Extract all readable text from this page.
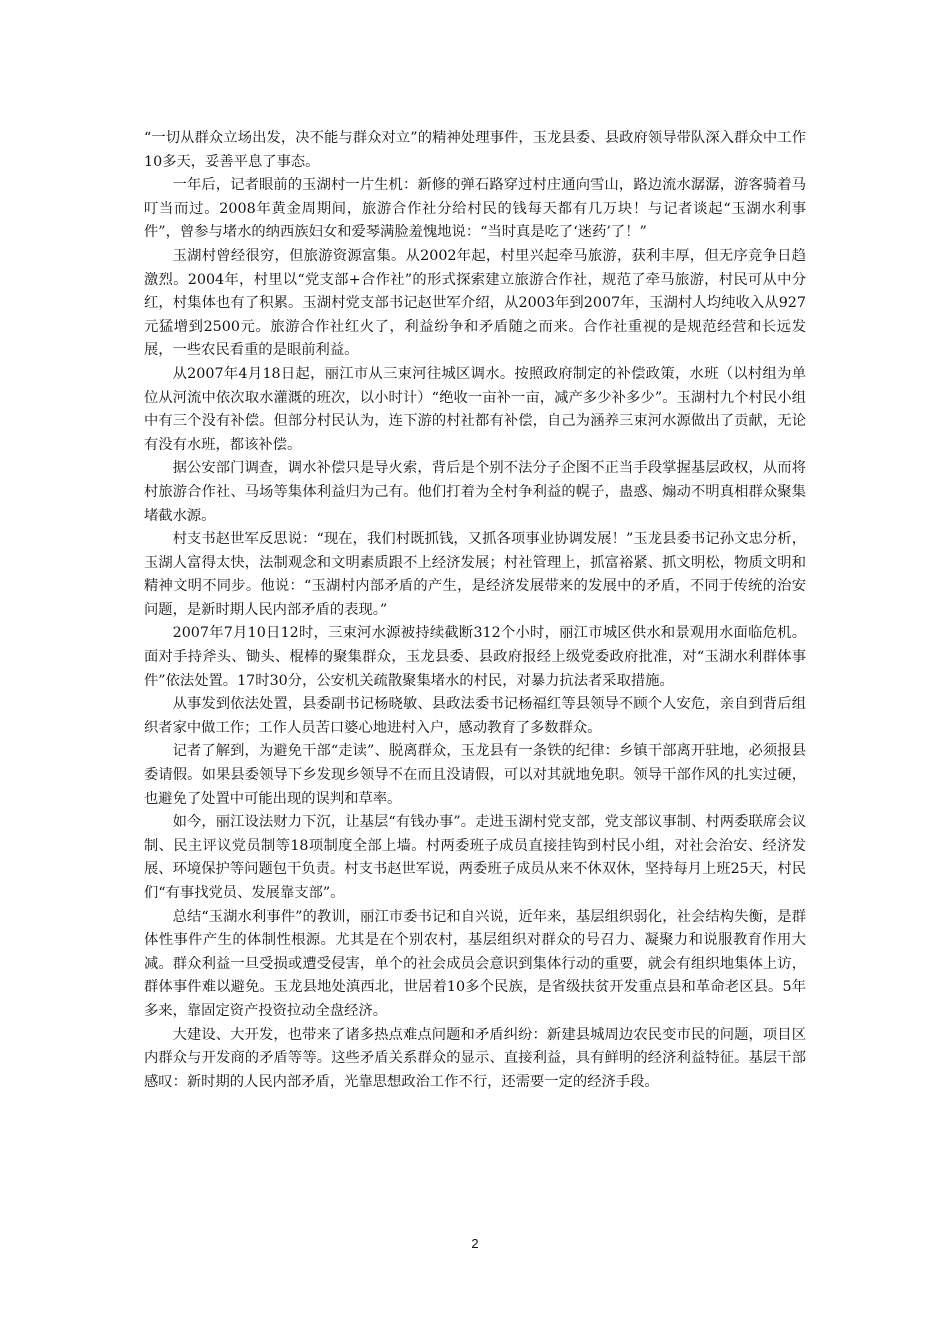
“一切从群众立场出发，决不能与群众对立”的精神处理事件，玉龙县委、县政府领导带队深入群众中工作10多天，妥善平息了事态。

一年后，记者眼前的玉湖村一片生机：新修的弹石路穿过村庄通向雪山，路边流水潺潺，游客骑着马叮当而过。2008年黄金周期间，旅游合作社分给村民的钱每天都有几万块！与记者谈起“玉湖水利事件”，曾参与堵水的纳西族妇女和爱琴满脸羞愧地说：“当时真是吃了‘迷药’了！”

玉湖村曾经很穷，但旅游资源富集。从2002年起，村里兴起牵马旅游，获利丰厚，但无序竞争日趋激烈。2004年，村里以“党支部+合作社”的形式探索建立旅游合作社，规范了牵马旅游，村民可从中分红，村集体也有了积累。玉湖村党支部书记赵世军介绍，从2003年到2007年，玉湖村人均纯收入从927元猛增到2500元。旅游合作社红火了，利益纷争和矛盾随之而来。合作社重视的是规范经营和长远发展，一些农民看重的是眼前利益。

从2007年4月18日起，丽江市从三束河往城区调水。按照政府制定的补偿政策，水班（以村组为单位从河流中依次取水灌溉的班次，以小时计）“绝收一亩补一亩，减产多少补多少”。玉湖村九个村民小组中有三个没有补偿。但部分村民认为，连下游的村社都有补偿，自己为涵养三束河水源做出了贡献，无论有没有水班，都该补偿。

据公安部门调查，调水补偿只是导火索，背后是个别不法分子企图不正当手段掌握基层政权，从而将村旅游合作社、马场等集体利益归为己有。他们打着为全村争利益的幌子，蛊惑、煽动不明真相群众聚集堵截水源。

村支书赵世军反思说：“现在，我们村既抓钱，又抓各项事业协调发展！”玉龙县委书记孙文忠分析，玉湖人富得太快，法制观念和文明素质跟不上经济发展；村社管理上，抓富裕紧、抓文明松，物质文明和精神文明不同步。他说：“玉湖村内部矛盾的产生，是经济发展带来的发展中的矛盾，不同于传统的治安问题，是新时期人民内部矛盾的表现。”

2007年7月10日12时，三束河水源被持续截断312个小时，丽江市城区供水和景观用水面临危机。面对手持斧头、锄头、棍棒的聚集群众，玉龙县委、县政府报经上级党委政府批准，对“玉湖水利群体事件”依法处置。17时30分，公安机关疏散聚集堵水的村民，对暴力抗法者采取措施。

从事发到依法处置，县委副书记杨晓敏、县政法委书记杨福红等县领导不顾个人安危，亲自到背后组织者家中做工作；工作人员苦口婆心地进村入户，感动教育了多数群众。

记者了解到，为避免干部“走读”、脱离群众，玉龙县有一条铁的纪律：乡镇干部离开驻地，必须报县委请假。如果县委领导下乡发现乡领导不在而且没请假，可以对其就地免职。领导干部作风的扎实过硬，也避免了处置中可能出现的误判和草率。

如今，丽江设法财力下沉，让基层“有钱办事”。走进玉湖村党支部，党支部议事制、村两委联席会议制、民主评议党员制等18项制度全部上墙。村两委班子成员直接挂钩到村民小组，对社会治安、经济发展、环境保护等问题包干负责。村支书赵世军说，两委班子成员从来不休双休，坚持每月上班25天，村民们“有事找党员、发展靠支部”。

总结“玉湖水利事件”的教训，丽江市委书记和自兴说，近年来，基层组织弱化，社会结构失衡，是群体性事件产生的体制性根源。尤其是在个别农村，基层组织对群众的号召力、凝聚力和说服教育作用大减。群众利益一旦受损或遭受侵害，单个的社会成员会意识到集体行动的重要，就会有组织地集体上访，群体事件难以避免。玉龙县地处滇西北，世居着10多个民族，是省级扶贫开发重点县和革命老区县。5年多来，靠固定资产投资拉动全盘经济。

大建设、大开发，也带来了诸多热点难点问题和矛盾纠纷：新建县城周边农民变市民的问题，项目区内群众与开发商的矛盾等等。这些矛盾关系群众的显示、直接利益，具有鲜明的经济利益特征。基层干部感叹：新时期的人民内部矛盾，光靠思想政治工作不行，还需要一定的经济手段。

2
